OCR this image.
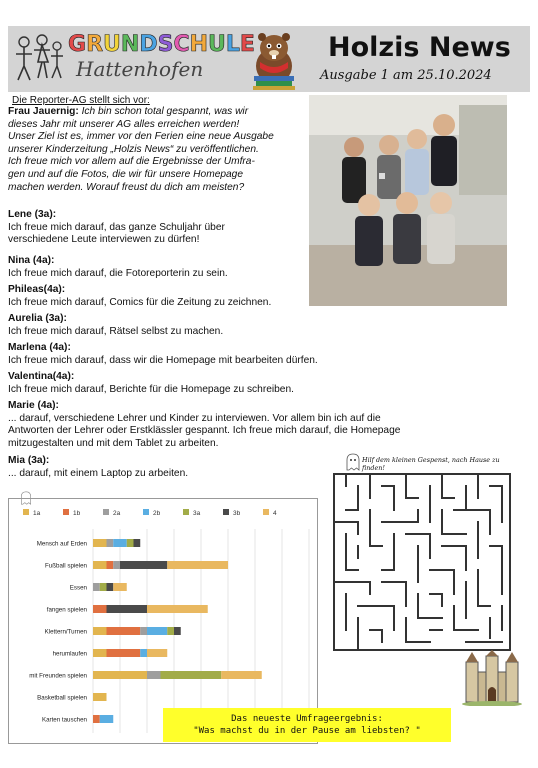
GRUNDSCHULE
Hattenhofen
Holzis News
Ausgabe 1 am 25.10.2024
Die Reporter-AG stellt sich vor:
Frau Jauernig: Ich bin schon total gespannt, was wir
dieses Jahr mit unserer AG alles erreichen werden!
Unser Ziel ist es, immer vor den Ferien eine neue Ausgabe
unserer Kinderzeitung „Holzis News“ zu veröffentlichen.
Ich freue mich vor allem auf die Ergebnisse der Umfra-
gen und auf die Fotos, die wir für unsere Homepage
machen werden. Worauf freust du dich am meisten?
Lene (3a):
Ich freue mich darauf, das ganze Schuljahr über
verschiedene Leute interviewen zu dürfen!
Nina (4a):
Ich freue mich darauf, die Fotoreporterin zu sein.
Phileas(4a):
Ich freue mich darauf, Comics für die Zeitung zu zeichnen.
Aurelia (3a):
Ich freue mich darauf, Rätsel selbst zu machen.
Marlena (4a):
Ich freue mich darauf, dass wir die Homepage mit bearbeiten dürfen.
Valentina(4a):
Ich freue mich darauf, Berichte für die Homepage zu schreiben.
Marie (4a):
... darauf, verschiedene Lehrer und Kinder zu interviewen. Vor allem bin ich auf die
Antworten der Lehrer oder Erstklässler gespannt. Ich freue mich darauf, die Homepage
mitzugestalten und mit dem Tablet zu arbeiten.
Mia (3a):
... darauf, mit einem Laptop zu arbeiten.
Hilf dem kleinen Gespenst, nach Hause zu finden!
1a	1b	2a	2b	3a	3b	4
Mensch auf Erden
Fußball spielen
Essen
fangen spielen
Klettern/Turnen
herumlaufen
mit Freunden spielen
Basketball spielen
Karten tauschen	Das neueste Umfrageergebnis:
"Was machst du in der Pause am liebsten? "
